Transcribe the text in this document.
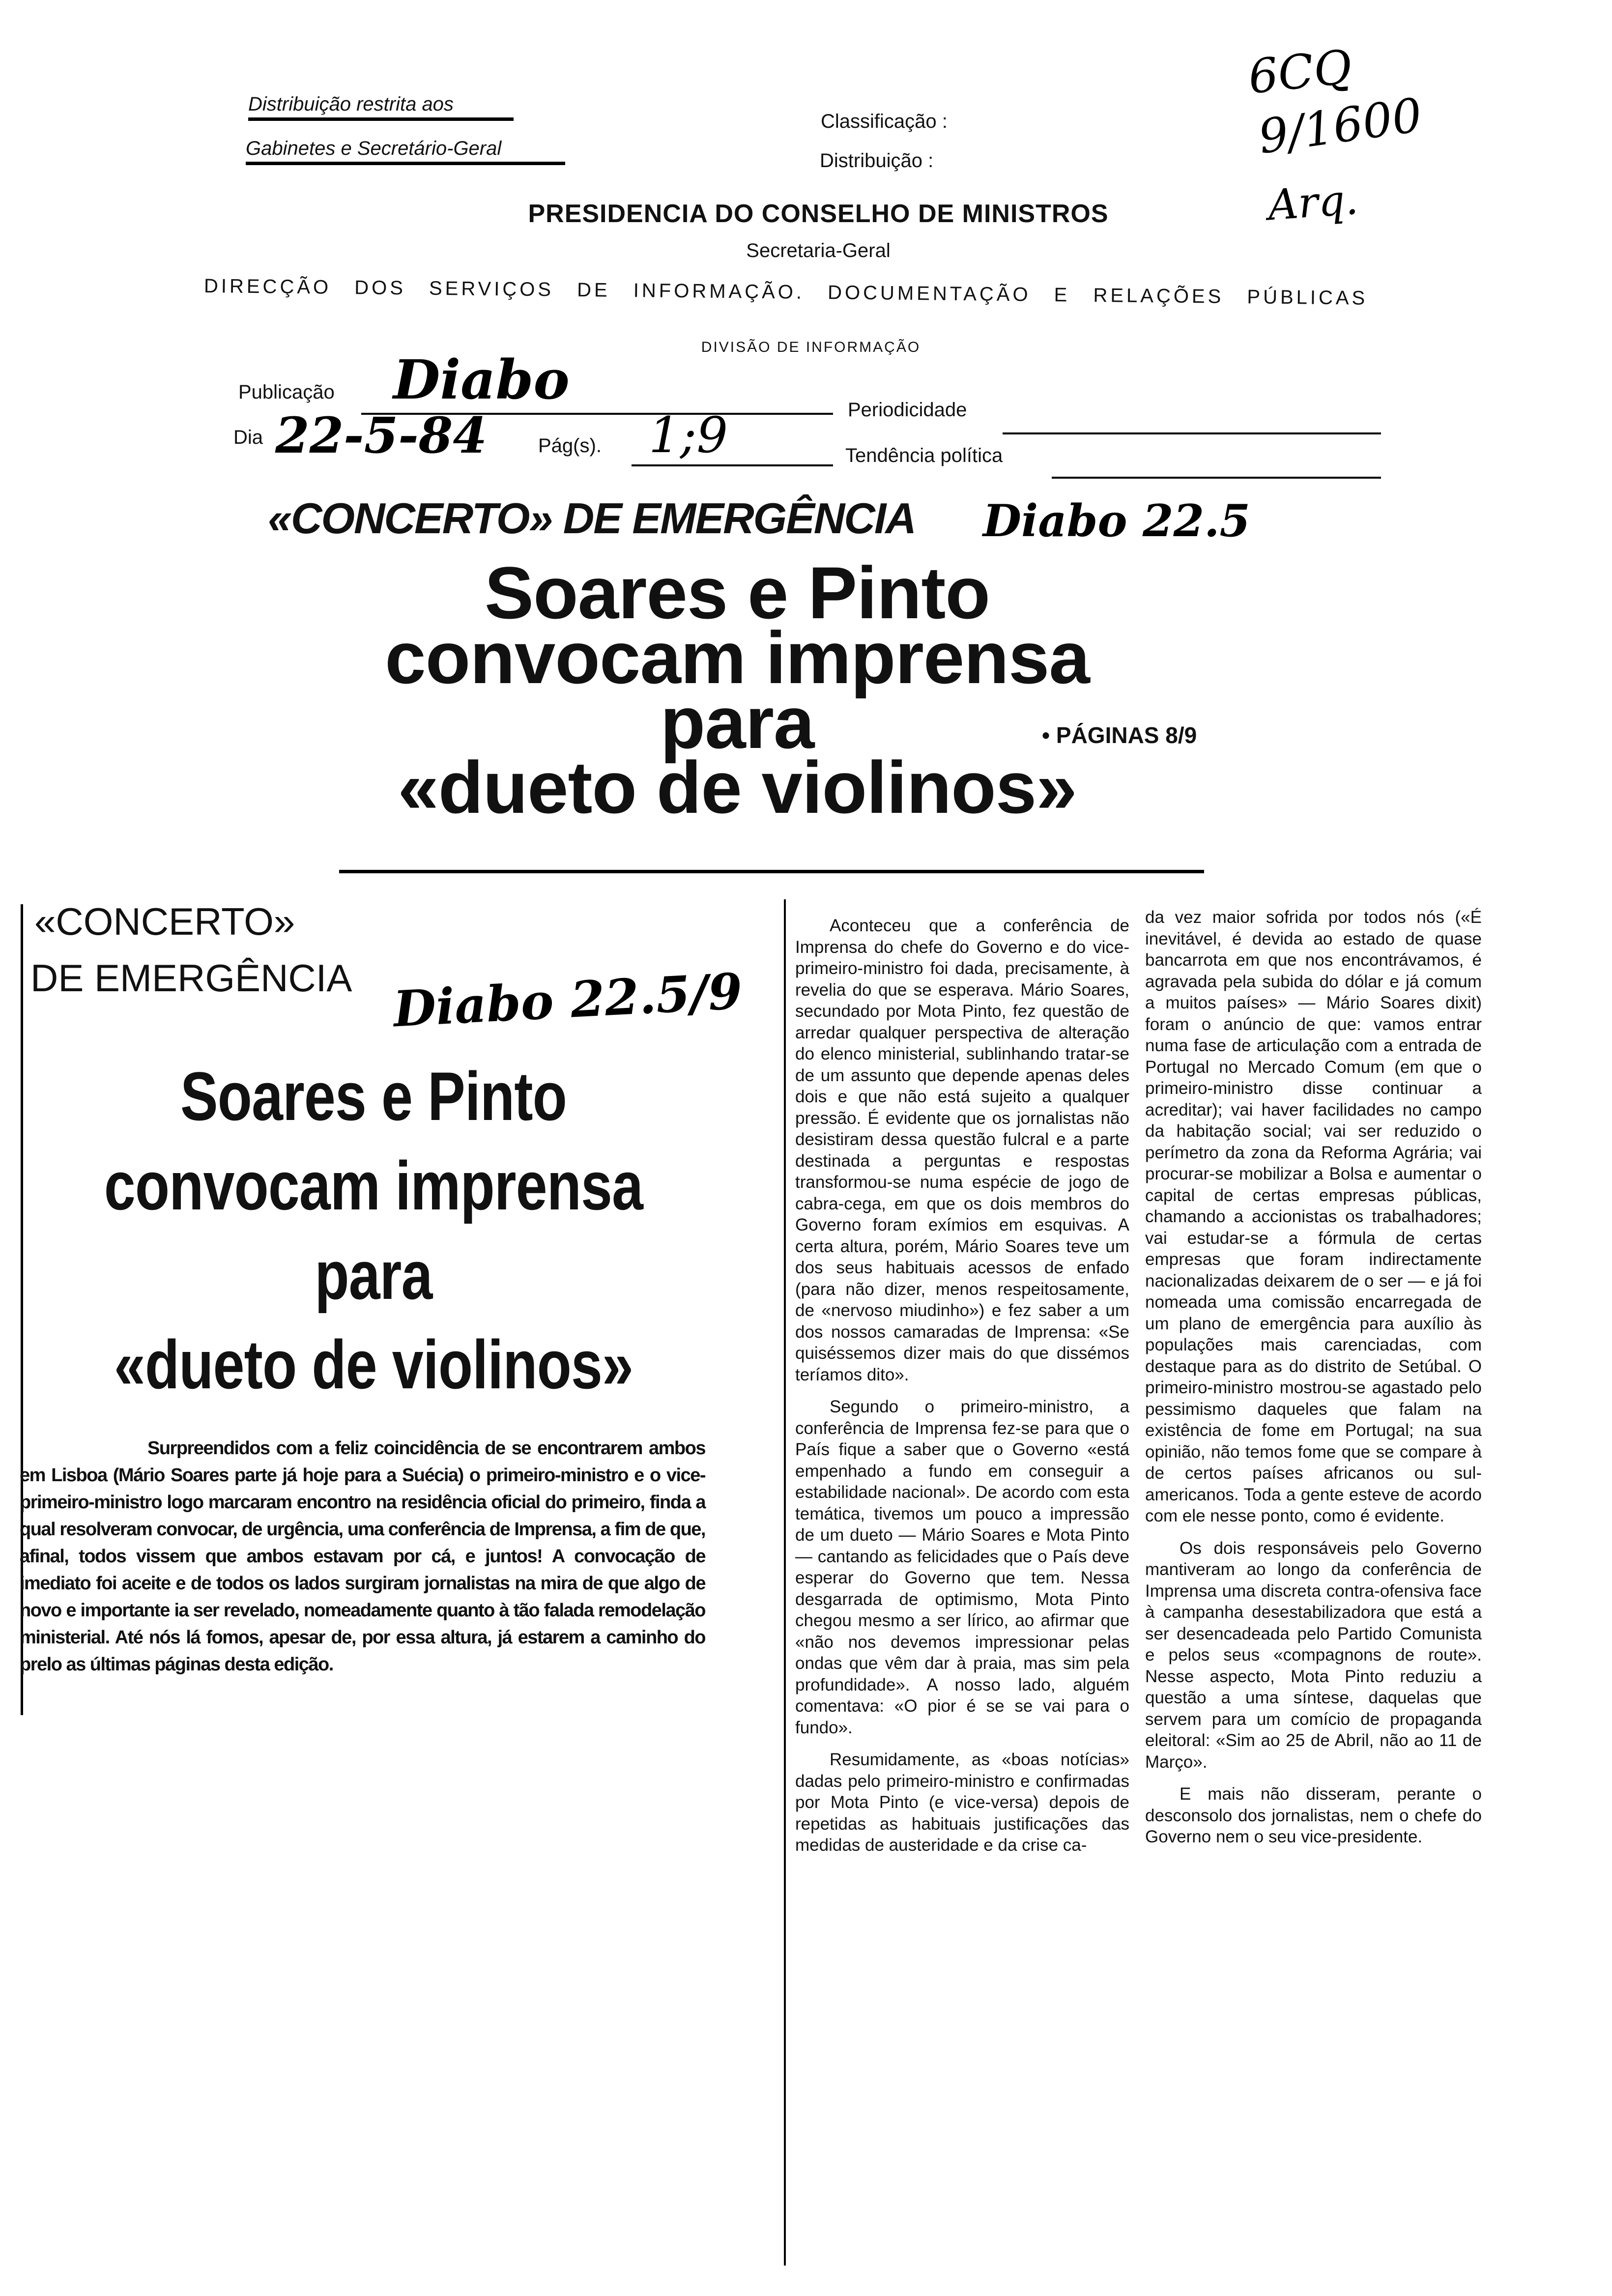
Distribuição restrita aos
Gabinetes e Secretário-Geral
Classificação :
Distribuição :
6CQ
9/1600
Arq.
PRESIDENCIA DO CONSELHO DE MINISTROS
Secretaria-Geral
DIRECÇÃO DOS SERVIÇOS DE INFORMAÇÃO. DOCUMENTAÇÃO E RELAÇÕES PÚBLICAS
DIVISÃO DE INFORMAÇÃO
Publicação Diabo	Periodicidade
Dia 22-5-84	Pág(s). 1;9	Tendência política
«CONCERTO» DE EMERGÊNCIA Diabo 22.5
Soares e Pinto
convocam imprensa
para
«dueto de violinos»
• PÁGINAS 8/9
«CONCERTO»
DE EMERGÊNCIA Diabo 22.5/9
Soares e Pinto
convocam imprensa
para
«dueto de violinos»

Surpreendidos com a feliz coincidência de se encontrarem ambos em Lisboa (Mário Soares parte já hoje para a Suécia) o primeiro-ministro e o vice-primeiro-ministro logo marcaram encontro na residência oficial do primeiro, finda a qual resolveram convocar, de urgência, uma conferência de Imprensa, a fim de que, afinal, todos vissem que ambos estavam por cá, e juntos! A convocação de imediato foi aceite e de todos os lados surgiram jornalistas na mira de que algo de novo e importante ia ser revelado, nomeadamente quanto à tão falada remodelação ministerial. Até nós lá fomos, apesar de, por essa altura, já estarem a caminho do prelo as últimas páginas desta edição.

Aconteceu que a conferência de Imprensa do chefe do Governo e do vice-primeiro-ministro foi dada, precisamente, à revelia do que se esperava. Mário Soares, secundado por Mota Pinto, fez questão de arredar qualquer perspectiva de alteração do elenco ministerial, sublinhando tratar-se de um assunto que depende apenas deles dois e que não está sujeito a qualquer pressão. É evidente que os jornalistas não desistiram dessa questão fulcral e a parte destinada a perguntas e respostas transformou-se numa espécie de jogo de cabra-cega, em que os dois membros do Governo foram exímios em esquivas. A certa altura, porém, Mário Soares teve um dos seus habituais acessos de enfado (para não dizer, menos respeitosamente, de «nervoso miudinho») e fez saber a um dos nossos camaradas de Imprensa: «Se quiséssemos dizer mais do que dissémos teríamos dito».

Segundo o primeiro-ministro, a conferência de Imprensa fez-se para que o País fique a saber que o Governo «está empenhado a fundo em conseguir a estabilidade nacional». De acordo com esta temática, tivemos um pouco a impressão de um dueto — Mário Soares e Mota Pinto — cantando as felicidades que o País deve esperar do Governo que tem. Nessa desgarrada de optimismo, Mota Pinto chegou mesmo a ser lírico, ao afirmar que «não nos devemos impressionar pelas ondas que vêm dar à praia, mas sim pela profundidade». A nosso lado, alguém comentava: «O pior é se se vai para o fundo».

Resumidamente, as «boas notícias» dadas pelo primeiro-ministro e confirmadas por Mota Pinto (e vice-versa) depois de repetidas as habituais justificações das medidas de austeridade e da crise ca-

da vez maior sofrida por todos nós («É inevitável, é devida ao estado de quase bancarrota em que nos encontrávamos, é agravada pela subida do dólar e já comum a muitos países» — Mário Soares dixit) foram o anúncio de que: vamos entrar numa fase de articulação com a entrada de Portugal no Mercado Comum (em que o primeiro-ministro disse continuar a acreditar); vai haver facilidades no campo da habitação social; vai ser reduzido o perímetro da zona da Reforma Agrária; vai procurar-se mobilizar a Bolsa e aumentar o capital de certas empresas públicas, chamando a accionistas os trabalhadores; vai estudar-se a fórmula de certas empresas que foram indirectamente nacionalizadas deixarem de o ser — e já foi nomeada uma comissão encarregada de um plano de emergência para auxílio às populações mais carenciadas, com destaque para as do distrito de Setúbal. O primeiro-ministro mostrou-se agastado pelo pessimismo daqueles que falam na existência de fome em Portugal; na sua opinião, não temos fome que se compare à de certos países africanos ou sul-americanos. Toda a gente esteve de acordo com ele nesse ponto, como é evidente.

Os dois responsáveis pelo Governo mantiveram ao longo da conferência de Imprensa uma discreta contra-ofensiva face à campanha desestabilizadora que está a ser desencadeada pelo Partido Comunista e pelos seus «compagnons de route». Nesse aspecto, Mota Pinto reduziu a questão a uma síntese, daquelas que servem para um comício de propaganda eleitoral: «Sim ao 25 de Abril, não ao 11 de Março».

E mais não disseram, perante o desconsolo dos jornalistas, nem o chefe do Governo nem o seu vice-presidente.
